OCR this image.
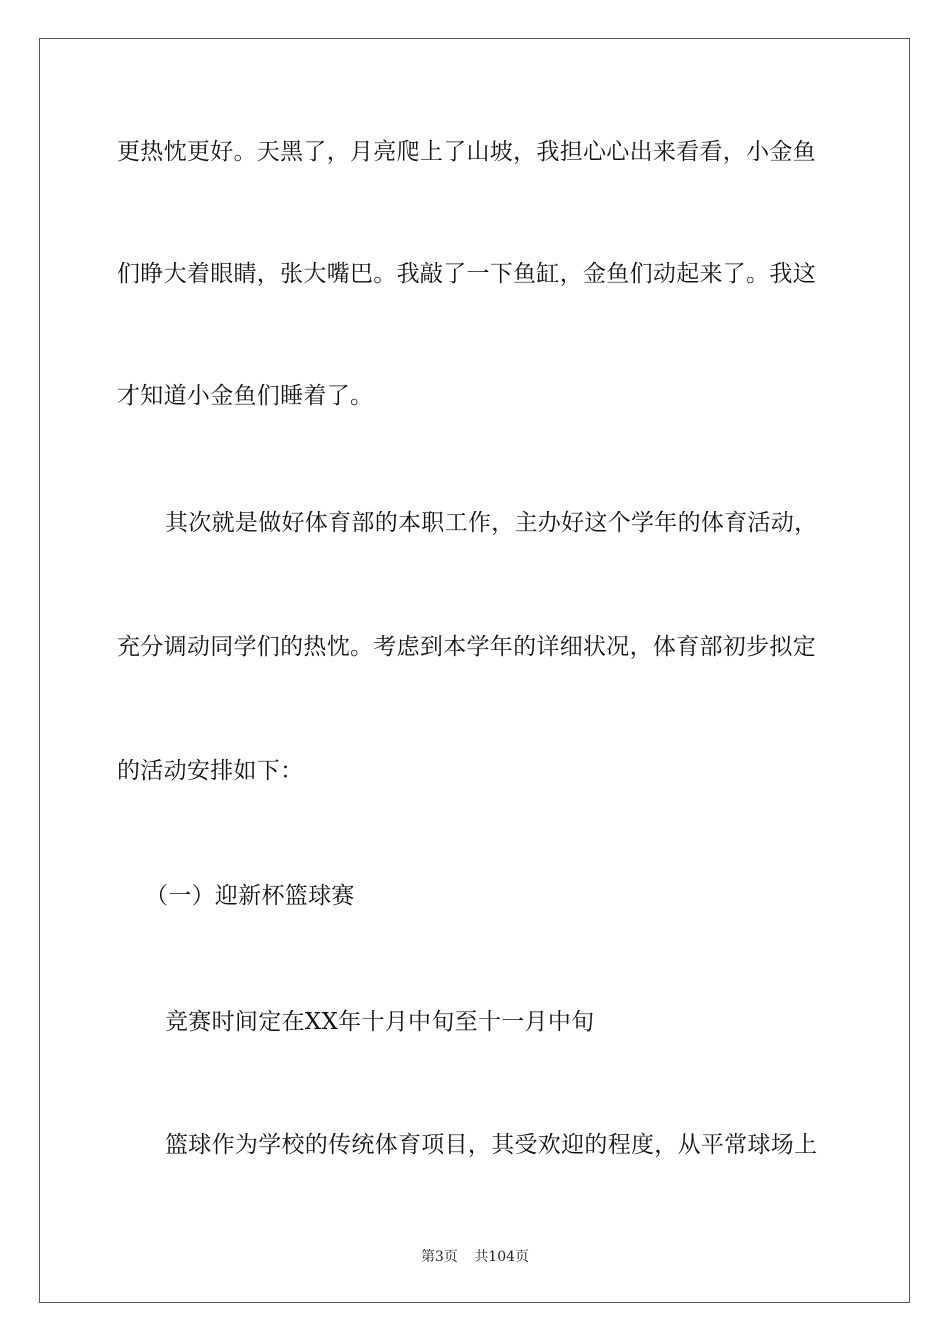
更热忱更好。天黑了，月亮爬上了山坡，我担心心出来看看，小金鱼
们睁大着眼睛，张大嘴巴。我敲了一下鱼缸，金鱼们动起来了。我这
才知道小金鱼们睡着了。
其次就是做好体育部的本职工作，主办好这个学年的体育活动，
充分调动同学们的热忱。考虑到本学年的详细状况，体育部初步拟定
的活动安排如下：
（一）迎新杯篮球赛
竞赛时间定在XX年十月中旬至十一月中旬
篮球作为学校的传统体育项目，其受欢迎的程度，从平常球场上
第3页 共104页
